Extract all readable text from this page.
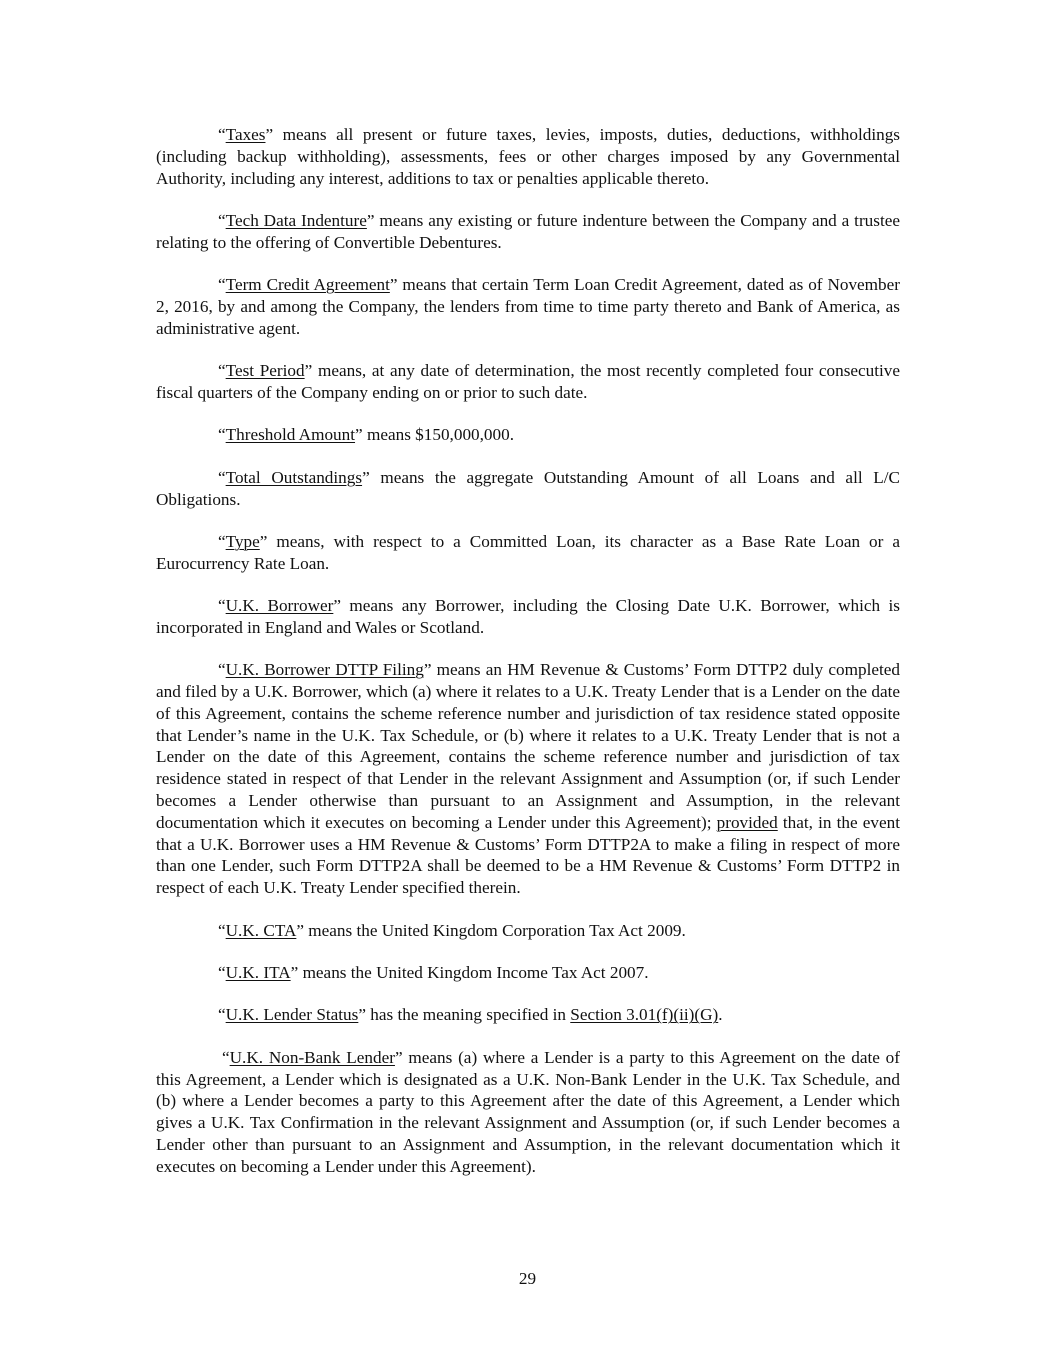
“Taxes” means all present or future taxes, levies, imposts, duties, deductions, withholdings (including backup withholding), assessments, fees or other charges imposed by any Governmental Authority, including any interest, additions to tax or penalties applicable thereto.

“Tech Data Indenture” means any existing or future indenture between the Company and a trustee relating to the offering of Convertible Debentures.

“Term Credit Agreement” means that certain Term Loan Credit Agreement, dated as of November 2, 2016, by and among the Company, the lenders from time to time party thereto and Bank of America, as administrative agent.

“Test Period” means, at any date of determination, the most recently completed four consecutive fiscal quarters of the Company ending on or prior to such date.

“Threshold Amount” means $150,000,000.

“Total Outstandings” means the aggregate Outstanding Amount of all Loans and all L/C Obligations.

“Type” means, with respect to a Committed Loan, its character as a Base Rate Loan or a Eurocurrency Rate Loan.

“U.K. Borrower” means any Borrower, including the Closing Date U.K. Borrower, which is incorporated in England and Wales or Scotland.

“U.K. Borrower DTTP Filing” means an HM Revenue & Customs’ Form DTTP2 duly completed and filed by a U.K. Borrower, which (a) where it relates to a U.K. Treaty Lender that is a Lender on the date of this Agreement, contains the scheme reference number and jurisdiction of tax residence stated opposite that Lender’s name in the U.K. Tax Schedule, or (b) where it relates to a U.K. Treaty Lender that is not a Lender on the date of this Agreement, contains the scheme reference number and jurisdiction of tax residence stated in respect of that Lender in the relevant Assignment and Assumption (or, if such Lender becomes a Lender otherwise than pursuant to an Assignment and Assumption, in the relevant documentation which it executes on becoming a Lender under this Agreement); provided that, in the event that a U.K. Borrower uses a HM Revenue & Customs’ Form DTTP2A to make a filing in respect of more than one Lender, such Form DTTP2A shall be deemed to be a HM Revenue & Customs’ Form DTTP2 in respect of each U.K. Treaty Lender specified therein.

“U.K. CTA” means the United Kingdom Corporation Tax Act 2009.

“U.K. ITA” means the United Kingdom Income Tax Act 2007.

“U.K. Lender Status” has the meaning specified in Section 3.01(f)(ii)(G).

“U.K. Non-Bank Lender” means (a) where a Lender is a party to this Agreement on the date of this Agreement, a Lender which is designated as a U.K. Non-Bank Lender in the U.K. Tax Schedule, and (b) where a Lender becomes a party to this Agreement after the date of this Agreement, a Lender which gives a U.K. Tax Confirmation in the relevant Assignment and Assumption (or, if such Lender becomes a Lender other than pursuant to an Assignment and Assumption, in the relevant documentation which it executes on becoming a Lender under this Agreement).

29
